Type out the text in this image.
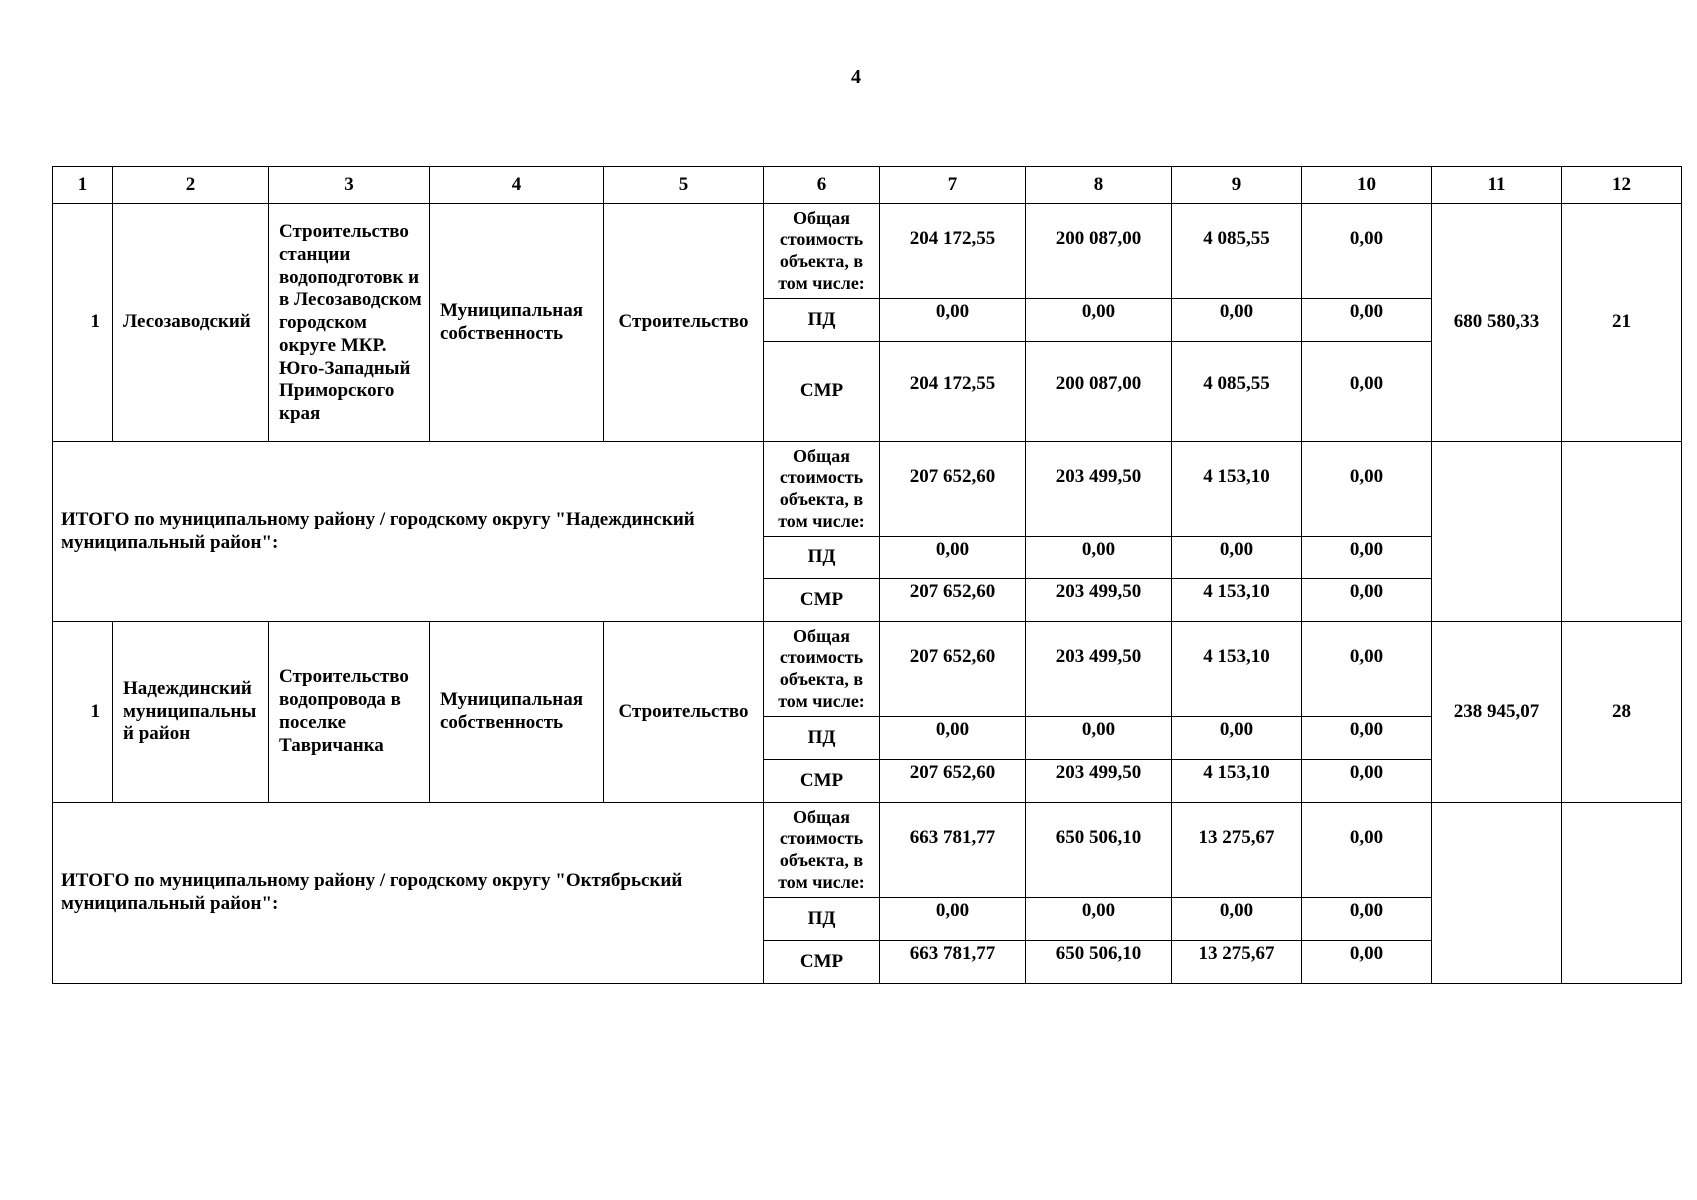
4
1	2	3	4	5	6	7	8	9	10	11	12
1	Лесозаводский	Строительство станции водоподготовк и в Лесозаводском городском округе МКР. Юго-Западный Приморского края	Муниципальная собственность	Строительство	Общая стоимость объекта, в том числе:	204 172,55	200 087,00	4 085,55	0,00	680 580,33	21
					ПД	0,00	0,00	0,00	0,00		
					СМР	204 172,55	200 087,00	4 085,55	0,00		
ИТОГО по муниципальному району / городскому округу "Надеждинский муниципальный район":					Общая стоимость объекта, в том числе:	207 652,60	203 499,50	4 153,10	0,00		
					ПД	0,00	0,00	0,00	0,00		
					СМР	207 652,60	203 499,50	4 153,10	0,00		
1	Надеждинский муниципальны й район	Строительство водопровода в поселке Тавричанка	Муниципальная собственность	Строительство	Общая стоимость объекта, в том числе:	207 652,60	203 499,50	4 153,10	0,00	238 945,07	28
					ПД	0,00	0,00	0,00	0,00		
					СМР	207 652,60	203 499,50	4 153,10	0,00		
ИТОГО по муниципальному району / городскому округу "Октябрьский муниципальный район":					Общая стоимость объекта, в том числе:	663 781,77	650 506,10	13 275,67	0,00		
					ПД	0,00	0,00	0,00	0,00		
					СМР	663 781,77	650 506,10	13 275,67	0,00		
